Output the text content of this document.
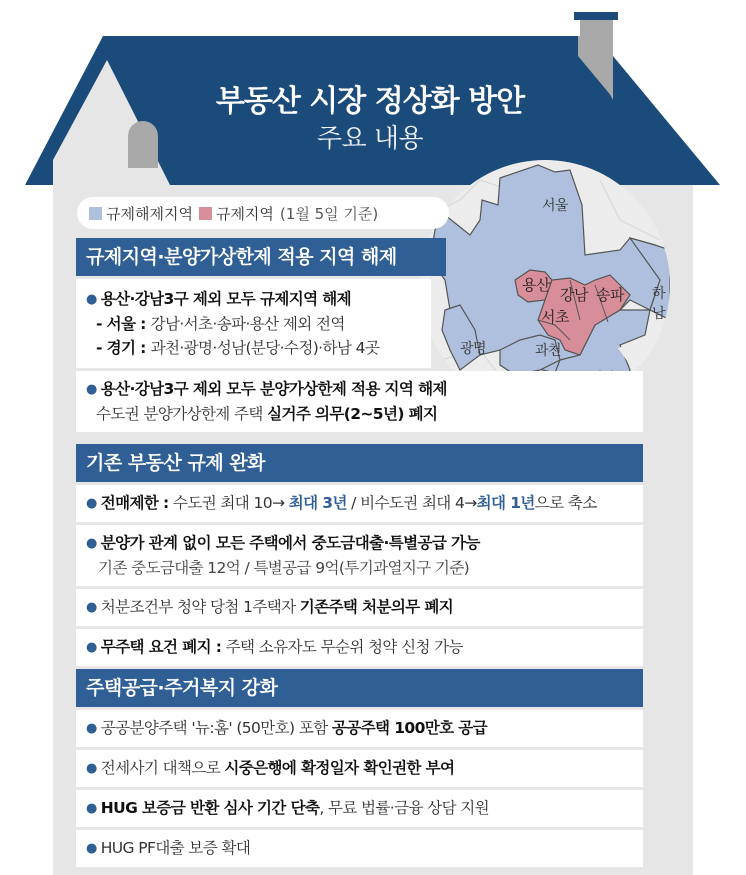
부동산 시장 정상화 방안
주요 내용
서울
용산
강남 송파
서초
하남
광명	과천
규제해제지역 규제지역 (1월 5일 기준)
규제지역·분양가상한제 적용 지역 해제
● 용산·강남3구 제외 모두 규제지역 해제
- 서울 : 강남·서초·송파·용산 제외 전역
- 경기 : 과천·광명·성남(분당·수정)·하남 4곳
● 용산·강남3구 제외 모두 분양가상한제 적용 지역 해제
수도권 분양가상한제 주택 실거주 의무(2~5년) 폐지
기존 부동산 규제 완화
● 전매제한 : 수도권 최대 10→ 최대 3년 / 비수도권 최대 4→최대 1년으로 축소
● 분양가 관계 없이 모든 주택에서 중도금대출·특별공급 가능
기존 중도금대출 12억 / 특별공급 9억(투기과열지구 기준)
● 처분조건부 청약 당첨 1주택자 기존주택 처분의무 폐지
● 무주택 요건 폐지 : 주택 소유자도 무순위 청약 신청 가능
주택공급·주거복지 강화
● 공공분양주택 '뉴:홈' (50만호) 포함 공공주택 100만호 공급
● 전세사기 대책으로 시중은행에 확정일자 확인권한 부여
● HUG 보증금 반환 심사 기간 단축, 무료 법률·금융 상담 지원
● HUG PF대출 보증 확대
